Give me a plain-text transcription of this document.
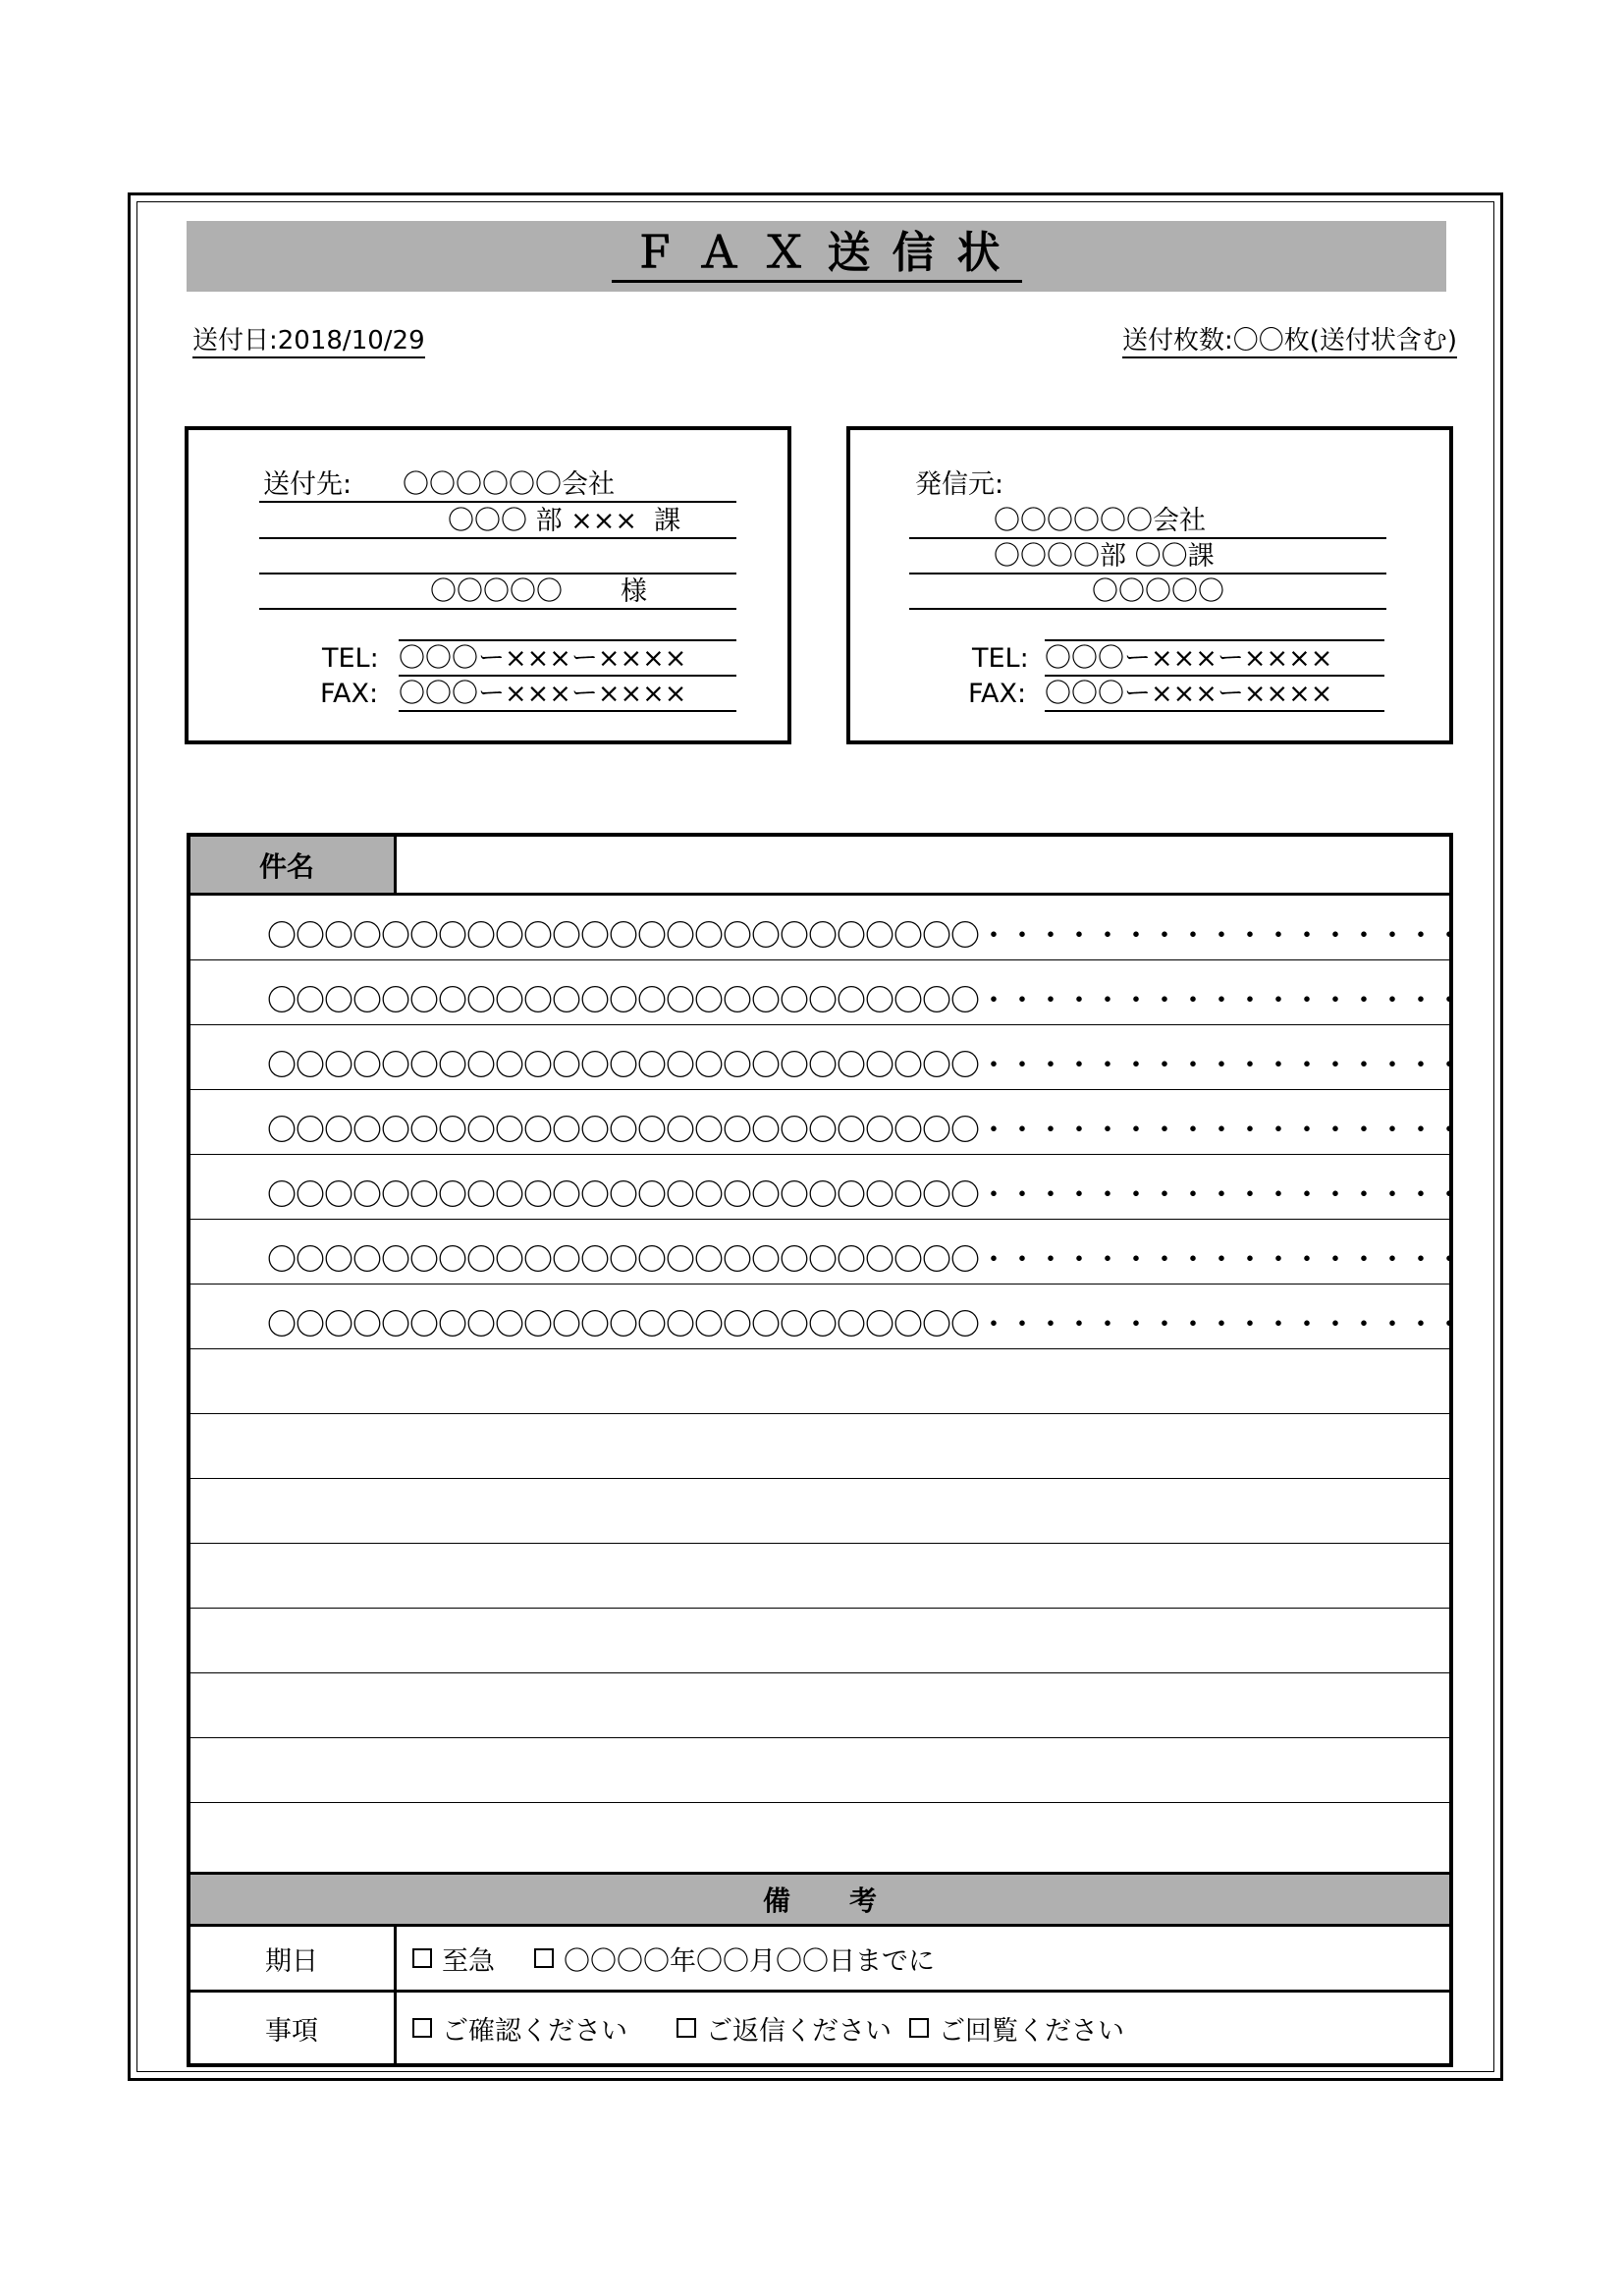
ＦＡＸ送信状
送付日:2018/10/29	送付枚数:〇〇枚(送付状含む)
送付先: 〇〇〇〇〇〇会社
〇〇〇 部 ×××  課
〇〇〇〇〇 様
TEL: 〇〇〇ー×××ー××××
FAX: 〇〇〇ー×××ー××××
発信元:
〇〇〇〇〇〇会社
〇〇〇〇部 〇〇課
〇〇〇〇〇
TEL: 〇〇〇ー×××ー××××
FAX: 〇〇〇ー×××ー××××
件名
〇〇〇〇〇〇〇〇〇〇〇〇〇〇〇〇〇〇〇〇〇〇〇〇〇・・・・・・・・・・・・・・・・・
〇〇〇〇〇〇〇〇〇〇〇〇〇〇〇〇〇〇〇〇〇〇〇〇〇・・・・・・・・・・・・・・・・・
〇〇〇〇〇〇〇〇〇〇〇〇〇〇〇〇〇〇〇〇〇〇〇〇〇・・・・・・・・・・・・・・・・・
〇〇〇〇〇〇〇〇〇〇〇〇〇〇〇〇〇〇〇〇〇〇〇〇〇・・・・・・・・・・・・・・・・・
〇〇〇〇〇〇〇〇〇〇〇〇〇〇〇〇〇〇〇〇〇〇〇〇〇・・・・・・・・・・・・・・・・・
〇〇〇〇〇〇〇〇〇〇〇〇〇〇〇〇〇〇〇〇〇〇〇〇〇・・・・・・・・・・・・・・・・・
〇〇〇〇〇〇〇〇〇〇〇〇〇〇〇〇〇〇〇〇〇〇〇〇〇・・・・・・・・・・・・・・・・・
備考
期日	至急	〇〇〇〇年〇〇月〇〇日までに
事項	ご確認ください	ご返信ください ご回覧ください
